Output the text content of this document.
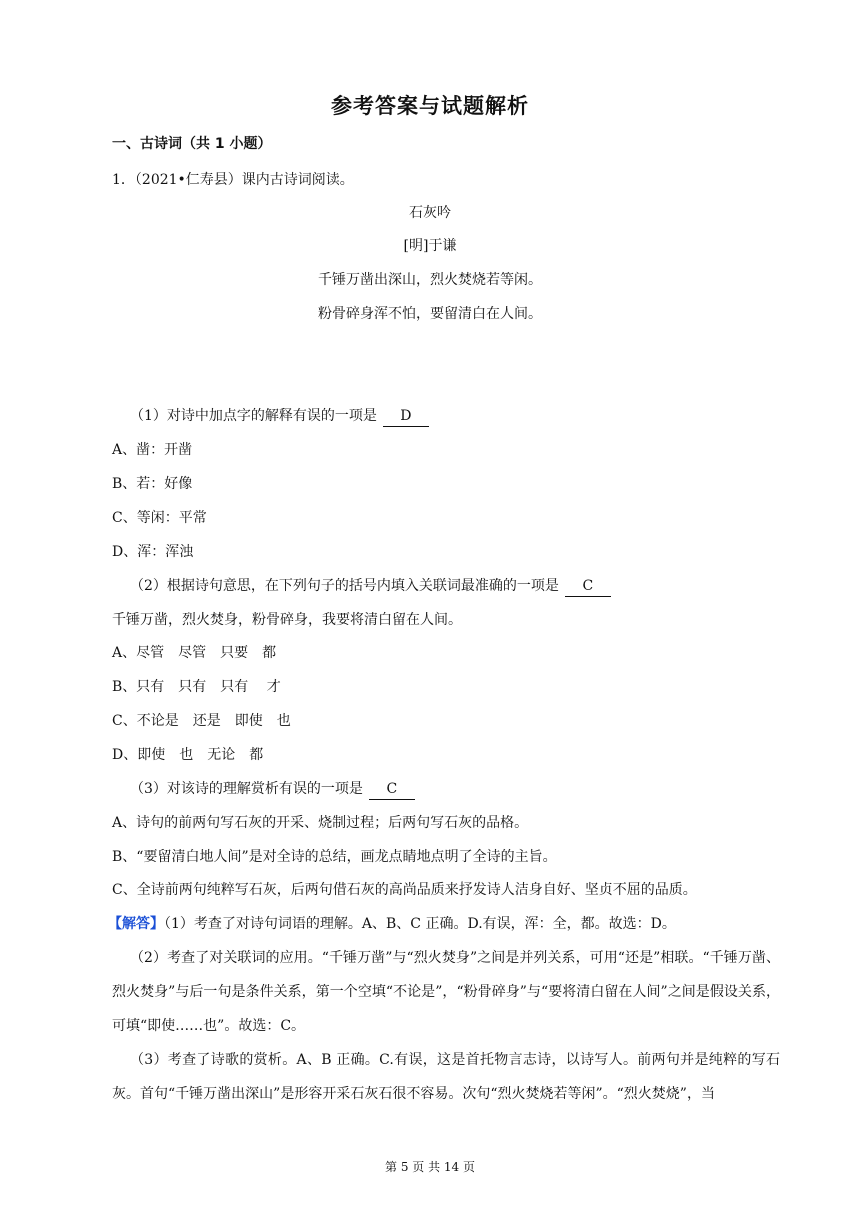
参考答案与试题解析
一、古诗词（共 1 小题）
1．（2021•仁寿县）课内古诗词阅读。
石灰吟
[明]于谦
千锤万凿出深山，烈火焚烧若等闲。
粉骨碎身浑不怕，要留清白在人间。
（1）对诗中加点字的解释有误的一项是 D
A、凿：开凿
B、若：好像
C、等闲：平常
D、浑：浑浊
（2）根据诗句意思，在下列句子的括号内填入关联词最准确的一项是 C
千锤万凿，烈火焚身，粉骨碎身，我要将清白留在人间。
A、尽管　尽管　只要　都
B、只有　只有　只有　 才
C、不论是　还是　即使　也
D、即使　也　无论　都
（3）对该诗的理解赏析有误的一项是 C
A、诗句的前两句写石灰的开采、烧制过程；后两句写石灰的品格。
B、“要留清白地人间”是对全诗的总结，画龙点睛地点明了全诗的主旨。
C、全诗前两句纯粹写石灰，后两句借石灰的高尚品质来抒发诗人洁身自好、坚贞不屈的品质。
【解答】（1）考查了对诗句词语的理解。A、B、C 正确。D.有误，浑：全，都。故选：D。
（2）考查了对关联词的应用。“千锤万凿”与“烈火焚身”之间是并列关系，可用“还是”相联。“千锤万凿、烈火焚身”与后一句是条件关系，第一个空填“不论是”，“粉骨碎身”与“要将清白留在人间”之间是假设关系，可填“即使……也”。故选：C。
（3）考查了诗歌的赏析。A、B 正确。C.有误，这是首托物言志诗，以诗写人。前两句并是纯粹的写石灰。首句“千锤万凿出深山”是形容开采石灰石很不容易。次句“烈火焚烧若等闲”。“烈火焚烧”，当
第 5 页 共 14 页
